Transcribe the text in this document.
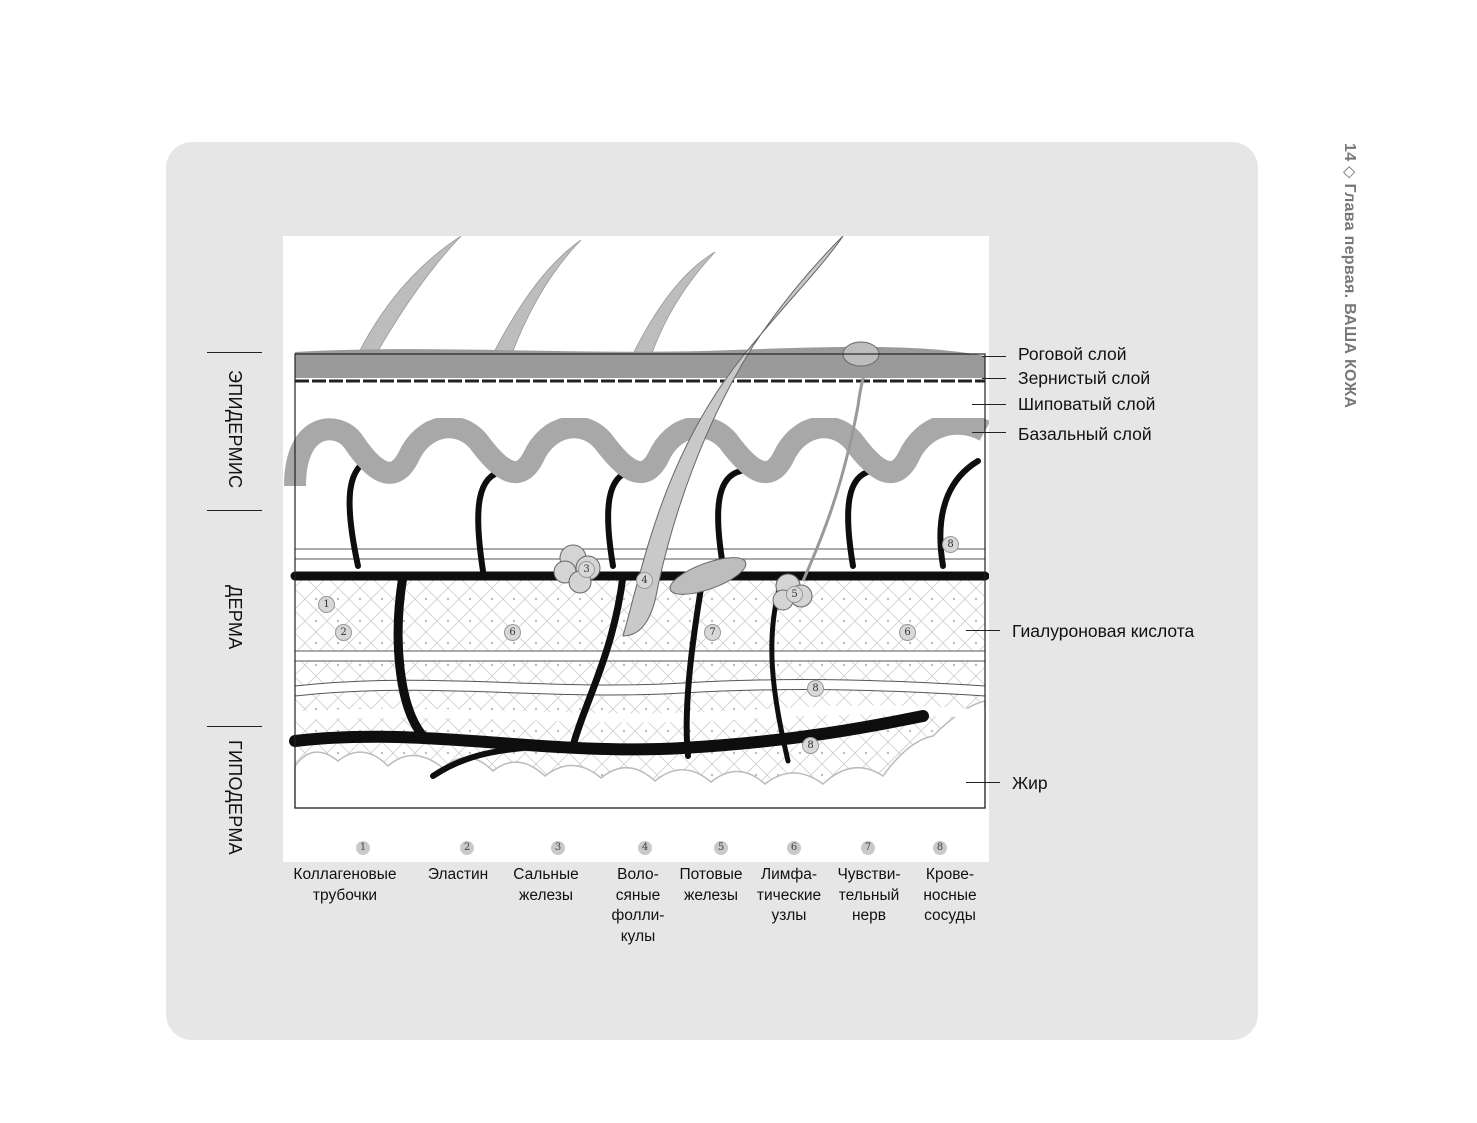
14 ◇ Глава первая. ВАША КОЖА
ЭПИДЕРМИС
ДЕРМА
ГИПОДЕРМА
1
2
3
4
5
6	6
7
8
8
8
Роговой слой
Зернистый слой
Шиповатый слой
Базальный слой
Гиалуроновая кислота
Жир
1	2	3	4	5	6	7	8
Коллагеновые
трубочки
Эластин Сальные
железы
Воло-
сяные
фолли-
кулы
Потовые
железы
Лимфа-
тические
узлы
Чувстви-
тельный
нерв
Крове-
носные
сосуды
